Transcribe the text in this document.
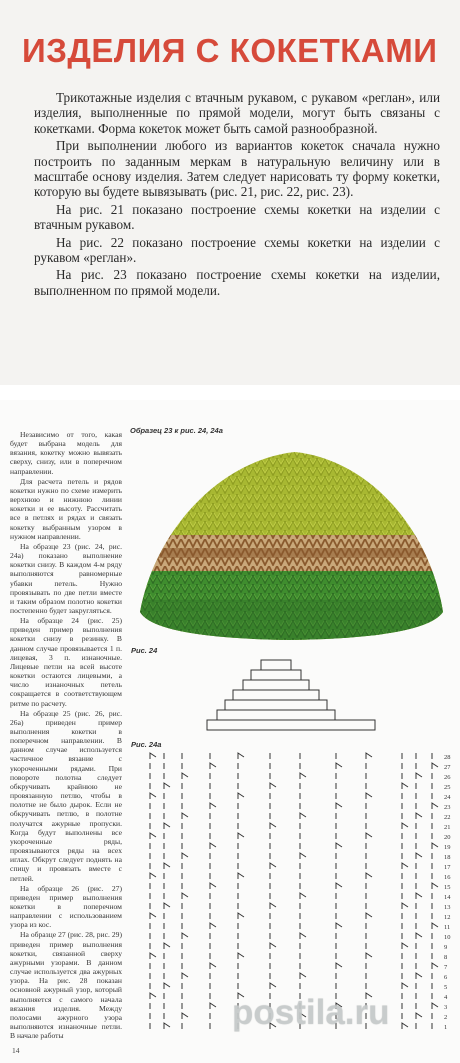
ИЗДЕЛИЯ С КОКЕТКАМИ

Трикотажные изделия с втачным рукавом, с рукавом «реглан», или изделия, выполненные по прямой модели, могут быть связаны с кокетками. Форма кокеток может быть самой разнообразной.

При выполнении любого из вариантов кокеток сначала нужно построить по заданным меркам в натуральную величину или в масштабе основу изделия. Затем следует нарисовать ту форму кокетки, которую вы будете вывязывать (рис. 21, рис. 22, рис. 23).

На рис. 21 показано построение схемы кокетки на изделии с втачным рукавом.

На рис. 22 показано построение схемы кокетки на изделии с рукавом «реглан».

На рис. 23 показано построение схемы кокетки на изделии, выполненном по прямой модели.

Независимо от того, какая будет выбрана модель для вязания, кокетку можно вывязать сверху, снизу, или в поперечном направлении.

Для расчета петель и рядов кокетки нужно по схеме измерить верхнюю и нижнюю линии кокетки и ее высоту. Рассчитать все в петлях и рядах и связать кокетку выбранным узором в нужном направлении.

На образце 23 (рис. 24, рис. 24а) показано выполнение кокетки снизу. В каждом 4-м ряду выполняются равномерные убавки петель. Нужно провязывать по две петли вместе и таким образом полотно кокетки постепенно будет закругляться.

На образце 24 (рис. 25) приведен пример выполнения кокетки снизу в резинку. В данном случае провязывается 1 п. лицевая, 3 п. изнаночные. Лицевые петли на всей высоте кокетки остаются лицевыми, а число изнаночных петель сокращается в соответствующем ритме по расчету.

На образце 25 (рис. 26, рис. 26а) приведен пример выполнения кокетки в поперечном направлении. В данном случае используется частичное вязание с укороченными рядами. При повороте полотна следует обкручивать крайнюю не провязанную петлю, чтобы в полотне не было дырок. Если не обкручивать петлю, в полотне получатся ажурные пропуски. Когда будут выполнены все укороченные ряды, провязываются ряды на всех иглах. Обкрут следует поднять на спицу и провязать вместе с петлей.

На образце 26 (рис. 27) приведен пример выполнения кокетки в поперечном направлении с использованием узора из кос.

На образце 27 (рис. 28, рис. 29) приведен пример выполнения кокетки, связанной сверху ажурными узорами. В данном случае используется два ажурных узора. На рис. 28 показан основной ажурный узор, который выполняется с самого начала вязания изделия. Между полосами ажурного узора выполняются изнаночные петли. В начале работы

Образец 23 к рис. 24, 24а
Рис. 24
Рис. 24а
28
27
26
25
24
23
22
21
20
19
18
17
16
15
14
13
12
11
10
9
8
7
6
5
4
3
2
1
14
postila.ru
